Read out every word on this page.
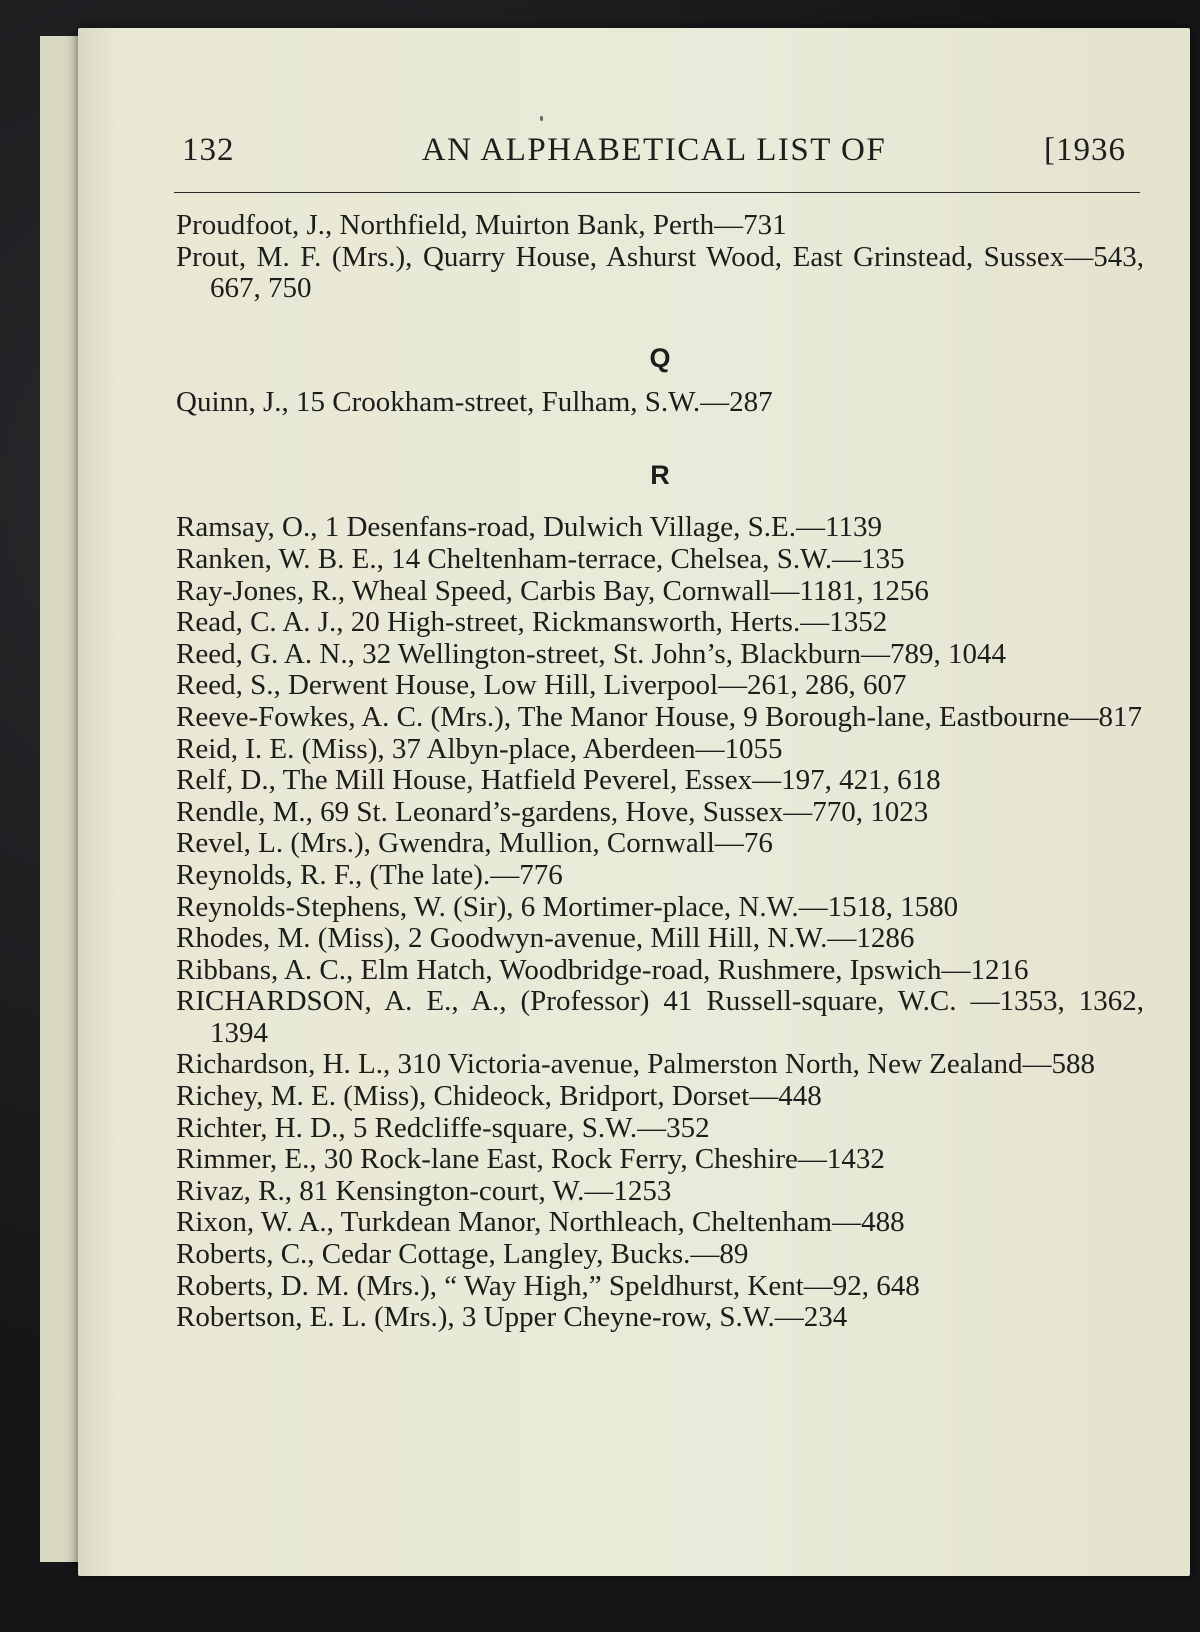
132	AN ALPHABETICAL LIST OF	[1936

Proudfoot, J., Northfield, Muirton Bank, Perth—731

Prout, M. F. (Mrs.), Quarry House, Ashurst Wood, East Grinstead, Sussex—543, 667, 750

Q

Quinn, J., 15 Crookham-street, Fulham, S.W.—287

R

Ramsay, O., 1 Desenfans-road, Dulwich Village, S.E.—1139

Ranken, W. B. E., 14 Cheltenham-terrace, Chelsea, S.W.—135

Ray-Jones, R., Wheal Speed, Carbis Bay, Cornwall—1181, 1256

Read, C. A. J., 20 High-street, Rickmansworth, Herts.—1352

Reed, G. A. N., 32 Wellington-street, St. John’s, Blackburn—789, 1044

Reed, S., Derwent House, Low Hill, Liverpool—261, 286, 607

Reeve-Fowkes, A. C. (Mrs.), The Manor House, 9 Borough-lane, Eastbourne—817

Reid, I. E. (Miss), 37 Albyn-place, Aberdeen—1055

Relf, D., The Mill House, Hatfield Peverel, Essex—197, 421, 618

Rendle, M., 69 St. Leonard’s-gardens, Hove, Sussex—770, 1023

Revel, L. (Mrs.), Gwendra, Mullion, Cornwall—76

Reynolds, R. F., (The late).—776

Reynolds-Stephens, W. (Sir), 6 Mortimer-place, N.W.—1518, 1580

Rhodes, M. (Miss), 2 Goodwyn-avenue, Mill Hill, N.W.—1286

Ribbans, A. C., Elm Hatch, Woodbridge-road, Rushmere, Ipswich—1216

RICHARDSON, A. E., A., (Professor) 41 Russell-square, W.C. —1353, 1362, 1394

Richardson, H. L., 310 Victoria-avenue, Palmerston North, New Zealand—588

Richey, M. E. (Miss), Chideock, Bridport, Dorset—448

Richter, H. D., 5 Redcliffe-square, S.W.—352

Rimmer, E., 30 Rock-lane East, Rock Ferry, Cheshire—1432

Rivaz, R., 81 Kensington-court, W.—1253

Rixon, W. A., Turkdean Manor, Northleach, Cheltenham—488

Roberts, C., Cedar Cottage, Langley, Bucks.—89

Roberts, D. M. (Mrs.), “ Way High,” Speldhurst, Kent—92, 648

Robertson, E. L. (Mrs.), 3 Upper Cheyne-row, S.W.—234
